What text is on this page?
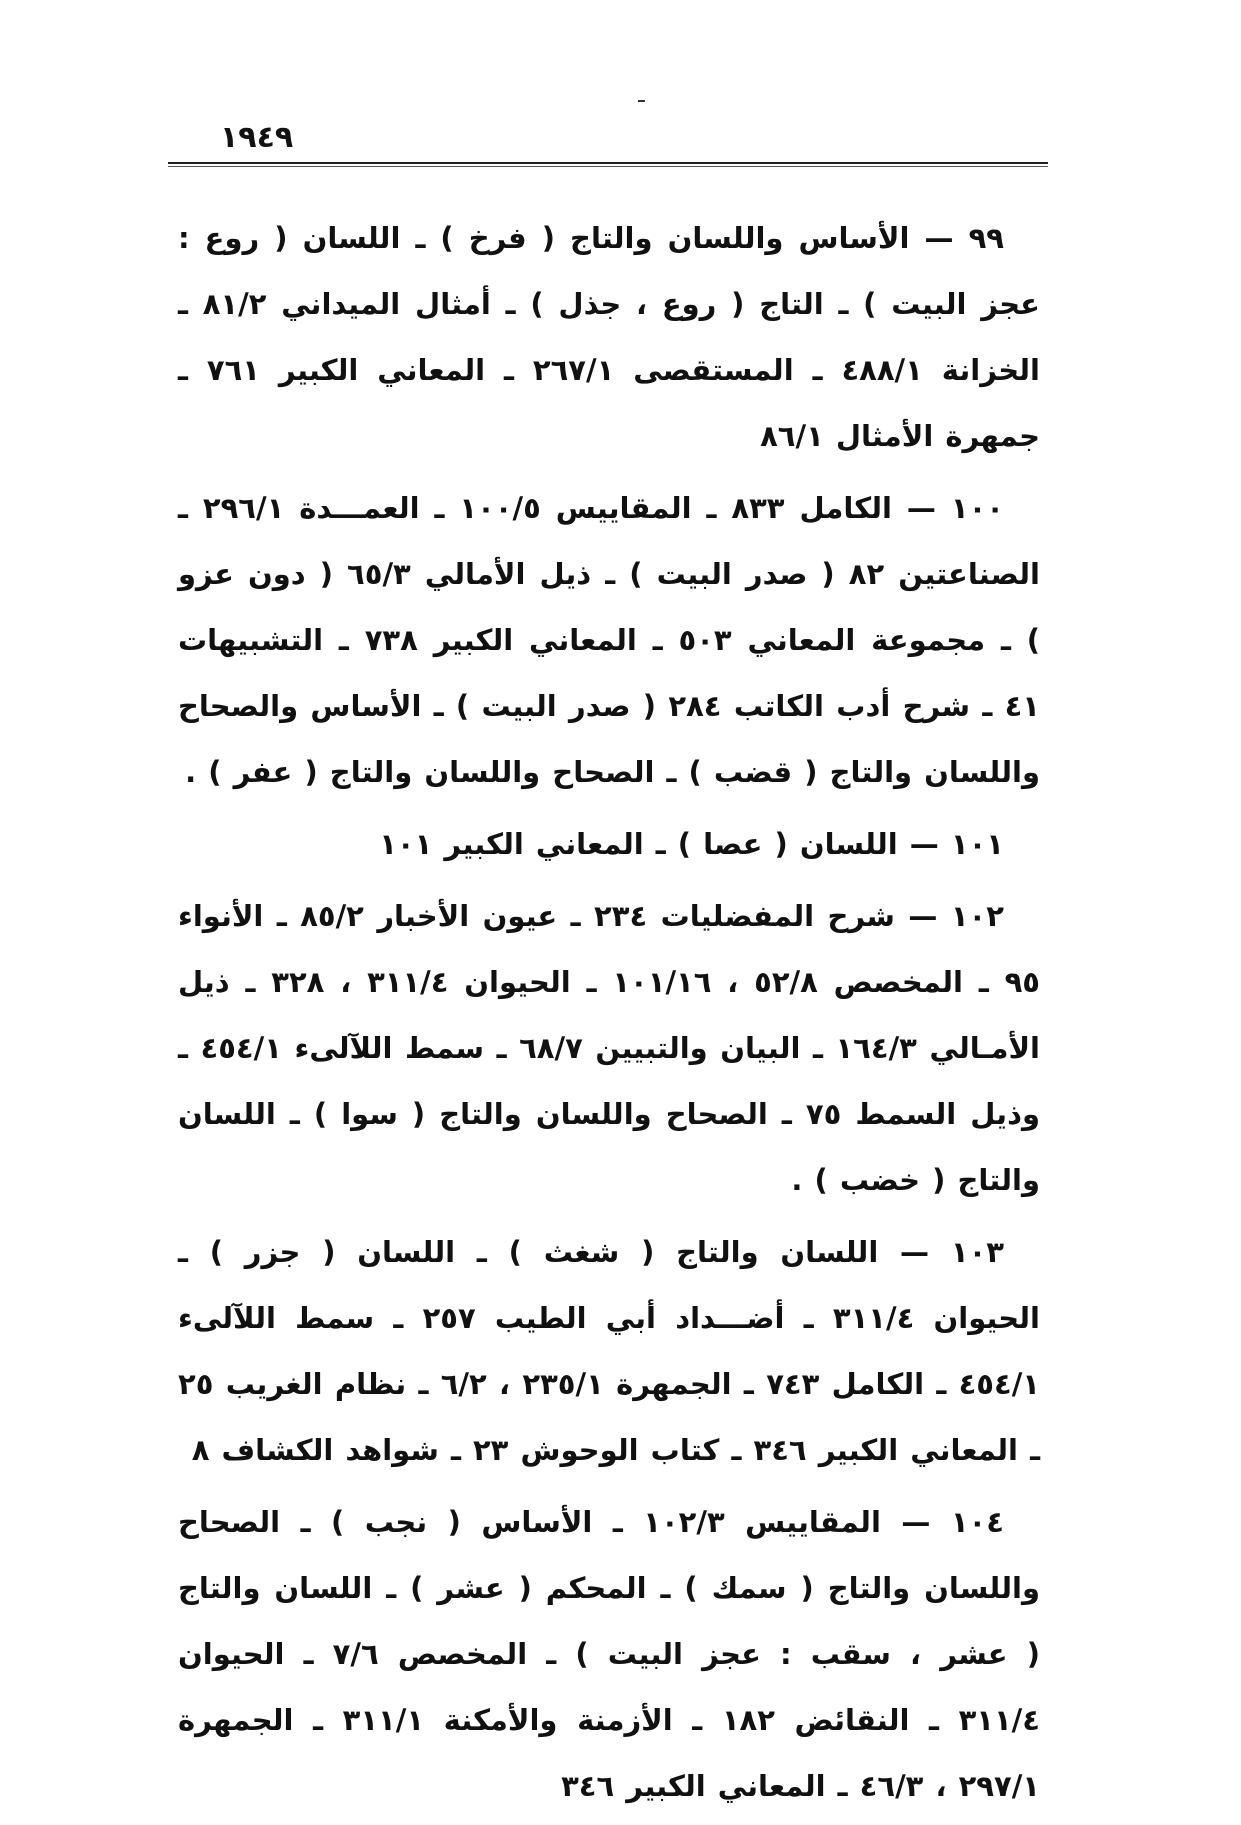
١٩٤٩

٩٩ — الأساس واللسان والتاج ( فرخ ) ـ اللسان ( روع : عجز البيت ) ـ التاج ( روع ، جذل ) ـ أمثال الميداني ٨١/٢ ـ الخزانة ٤٨٨/١ ـ المستقصى ٢٦٧/١ ـ المعاني الكبير ٧٦١ ـ جمهرة الأمثال ٨٦/١

١٠٠ — الكامل ٨٣٣ ـ المقاييس ١٠٠/٥ ـ العمـــدة ٢٩٦/١ ـ الصناعتين ٨٢ ( صدر البيت ) ـ ذيل الأمالي ٦٥/٣ ( دون عزو ) ـ مجموعة المعاني ٥٠٣ ـ المعاني الكبير ٧٣٨ ـ التشبيهات ٤١ ـ شرح أدب الكاتب ٢٨٤ ( صدر البيت ) ـ الأساس والصحاح واللسان والتاج ( قضب ) ـ الصحاح واللسان والتاج ( عفر ) .

١٠١ — اللسان ( عصا ) ـ المعاني الكبير ١٠١

١٠٢ — شرح المفضليات ٢٣٤ ـ عيون الأخبار ٨٥/٢ ـ الأنواء ٩٥ ـ المخصص ٥٢/٨ ، ١٠١/١٦ ـ الحيوان ٣١١/٤ ، ٣٢٨ ـ ذيل الأمـالي ١٦٤/٣ ـ البيان والتبيين ٦٨/٧ ـ سمط اللآلىء ٤٥٤/١ ـ وذيل السمط ٧٥ ـ الصحاح واللسان والتاج ( سوا ) ـ اللسان والتاج ( خضب ) .

١٠٣ — اللسان والتاج ( شغث ) ـ اللسان ( جزر ) ـ الحيوان ٣١١/٤ ـ أضـــداد أبي الطيب ٢٥٧ ـ سمط اللآلىء ٤٥٤/١ ـ الكامل ٧٤٣ ـ الجمهرة ٢٣٥/١ ، ٦/٢ ـ نظام الغريب ٢٥ ـ المعاني الكبير ٣٤٦ ـ كتاب الوحوش ٢٣ ـ شواهد الكشاف ٨

١٠٤ — المقاييس ١٠٢/٣ ـ الأساس ( نجب ) ـ الصحاح واللسان والتاج ( سمك ) ـ المحكم ( عشر ) ـ اللسان والتاج ( عشر ، سقب : عجز البيت ) ـ المخصص ٧/٦ ـ الحيوان ٣١١/٤ ـ النقائض ١٨٢ ـ الأزمنة والأمكنة ٣١١/١ ـ الجمهرة ٢٩٧/١ ، ٤٦/٣ ـ المعاني الكبير ٣٤٦
